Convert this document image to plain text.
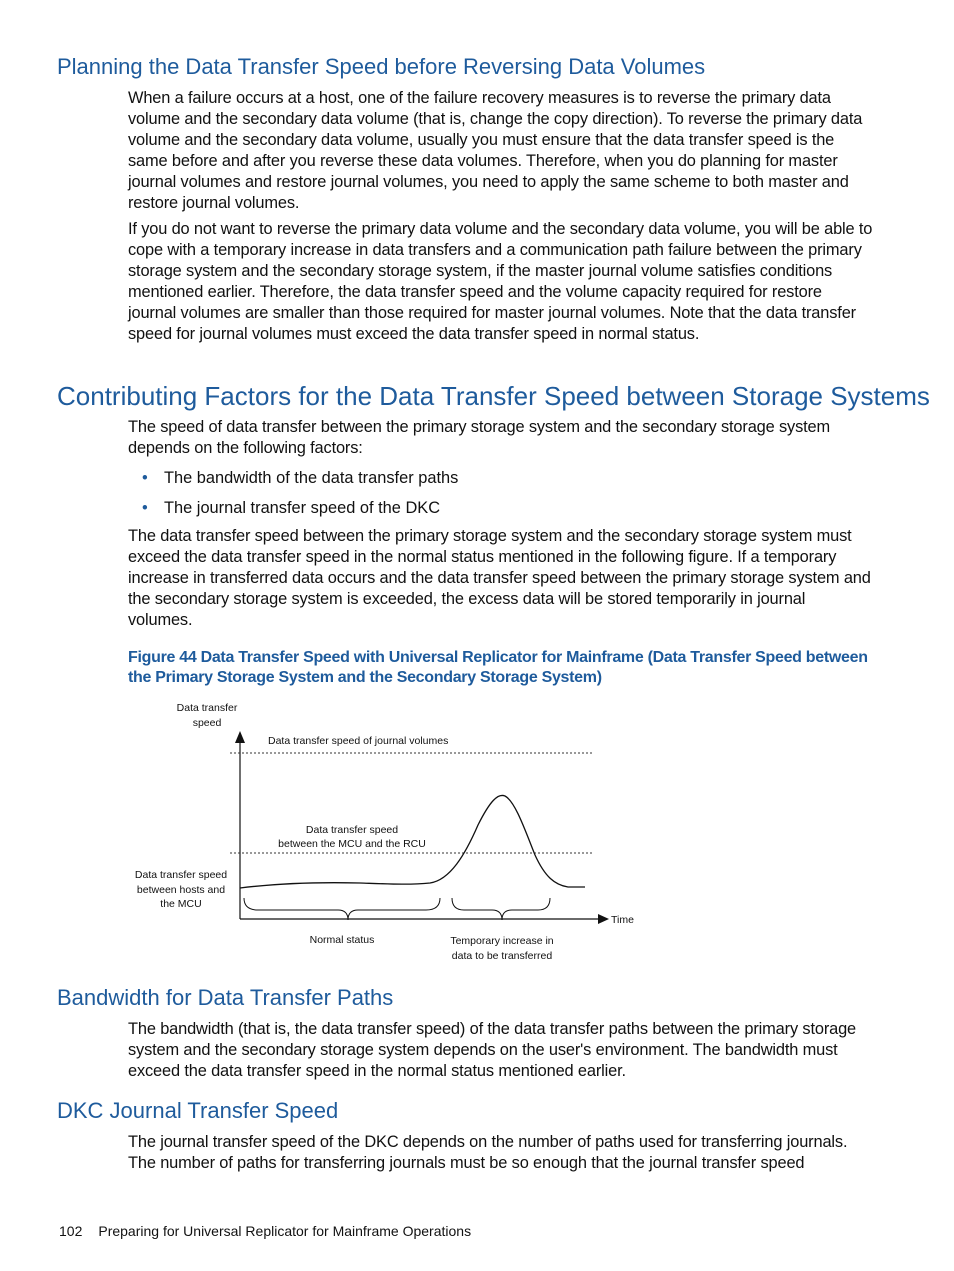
Planning the Data Transfer Speed before Reversing Data Volumes

When a failure occurs at a host, one of the failure recovery measures is to reverse the primary data volume and the secondary data volume (that is, change the copy direction). To reverse the primary data volume and the secondary data volume, usually you must ensure that the data transfer speed is the same before and after you reverse these data volumes. Therefore, when you do planning for master journal volumes and restore journal volumes, you need to apply the same scheme to both master and restore journal volumes.

If you do not want to reverse the primary data volume and the secondary data volume, you will be able to cope with a temporary increase in data transfers and a communication path failure between the primary storage system and the secondary storage system, if the master journal volume satisfies conditions mentioned earlier. Therefore, the data transfer speed and the volume capacity required for restore journal volumes are smaller than those required for master journal volumes. Note that the data transfer speed for journal volumes must exceed the data transfer speed in normal status.

Contributing Factors for the Data Transfer Speed between Storage Systems

The speed of data transfer between the primary storage system and the secondary storage system depends on the following factors:

• The bandwidth of the data transfer paths

• The journal transfer speed of the DKC

The data transfer speed between the primary storage system and the secondary storage system must exceed the data transfer speed in the normal status mentioned in the following figure. If a temporary increase in transferred data occurs and the data transfer speed between the primary storage system and the secondary storage system is exceeded, the excess data will be stored temporarily in journal volumes.

Figure 44 Data Transfer Speed with Universal Replicator for Mainframe (Data Transfer Speed between the Primary Storage System and the Secondary Storage System)

Data transfer
speed
Data transfer speed of journal volumes
Data transfer speed
between the MCU and the RCU
Data transfer speed
between hosts and
the MCU
Time
Normal status	Temporary increase in
data to be transferred
Bandwidth for Data Transfer Paths

The bandwidth (that is, the data transfer speed) of the data transfer paths between the primary storage system and the secondary storage system depends on the user's environment. The bandwidth must exceed the data transfer speed in the normal status mentioned earlier.

DKC Journal Transfer Speed

The journal transfer speed of the DKC depends on the number of paths used for transferring journals. The number of paths for transferring journals must be so enough that the journal transfer speed

102 Preparing for Universal Replicator for Mainframe Operations
